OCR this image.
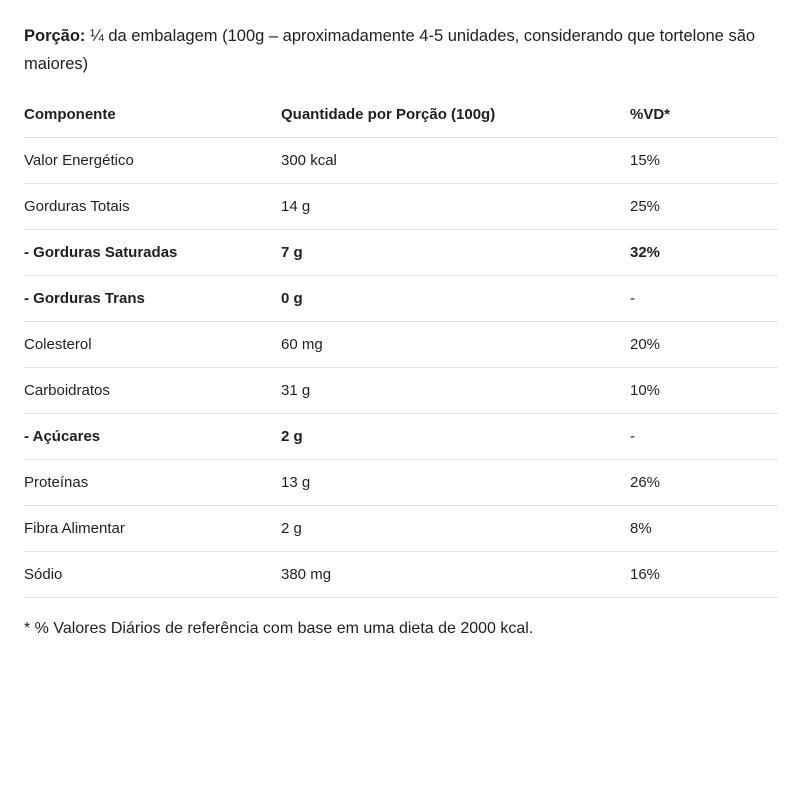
Porção: ¼ da embalagem (100g – aproximadamente 4-5 unidades, considerando que tortelone são maiores)

Componente	Quantidade por Porção (100g)	%VD*
Valor Energético	300 kcal	15%
Gorduras Totais	14 g	25%
- Gorduras Saturadas	7 g	32%
- Gorduras Trans	0 g	-
Colesterol	60 mg	20%
Carboidratos	31 g	10%
- Açúcares	2 g	-
Proteínas	13 g	26%
Fibra Alimentar	2 g	8%
Sódio	380 mg	16%

* % Valores Diários de referência com base em uma dieta de 2000 kcal.
